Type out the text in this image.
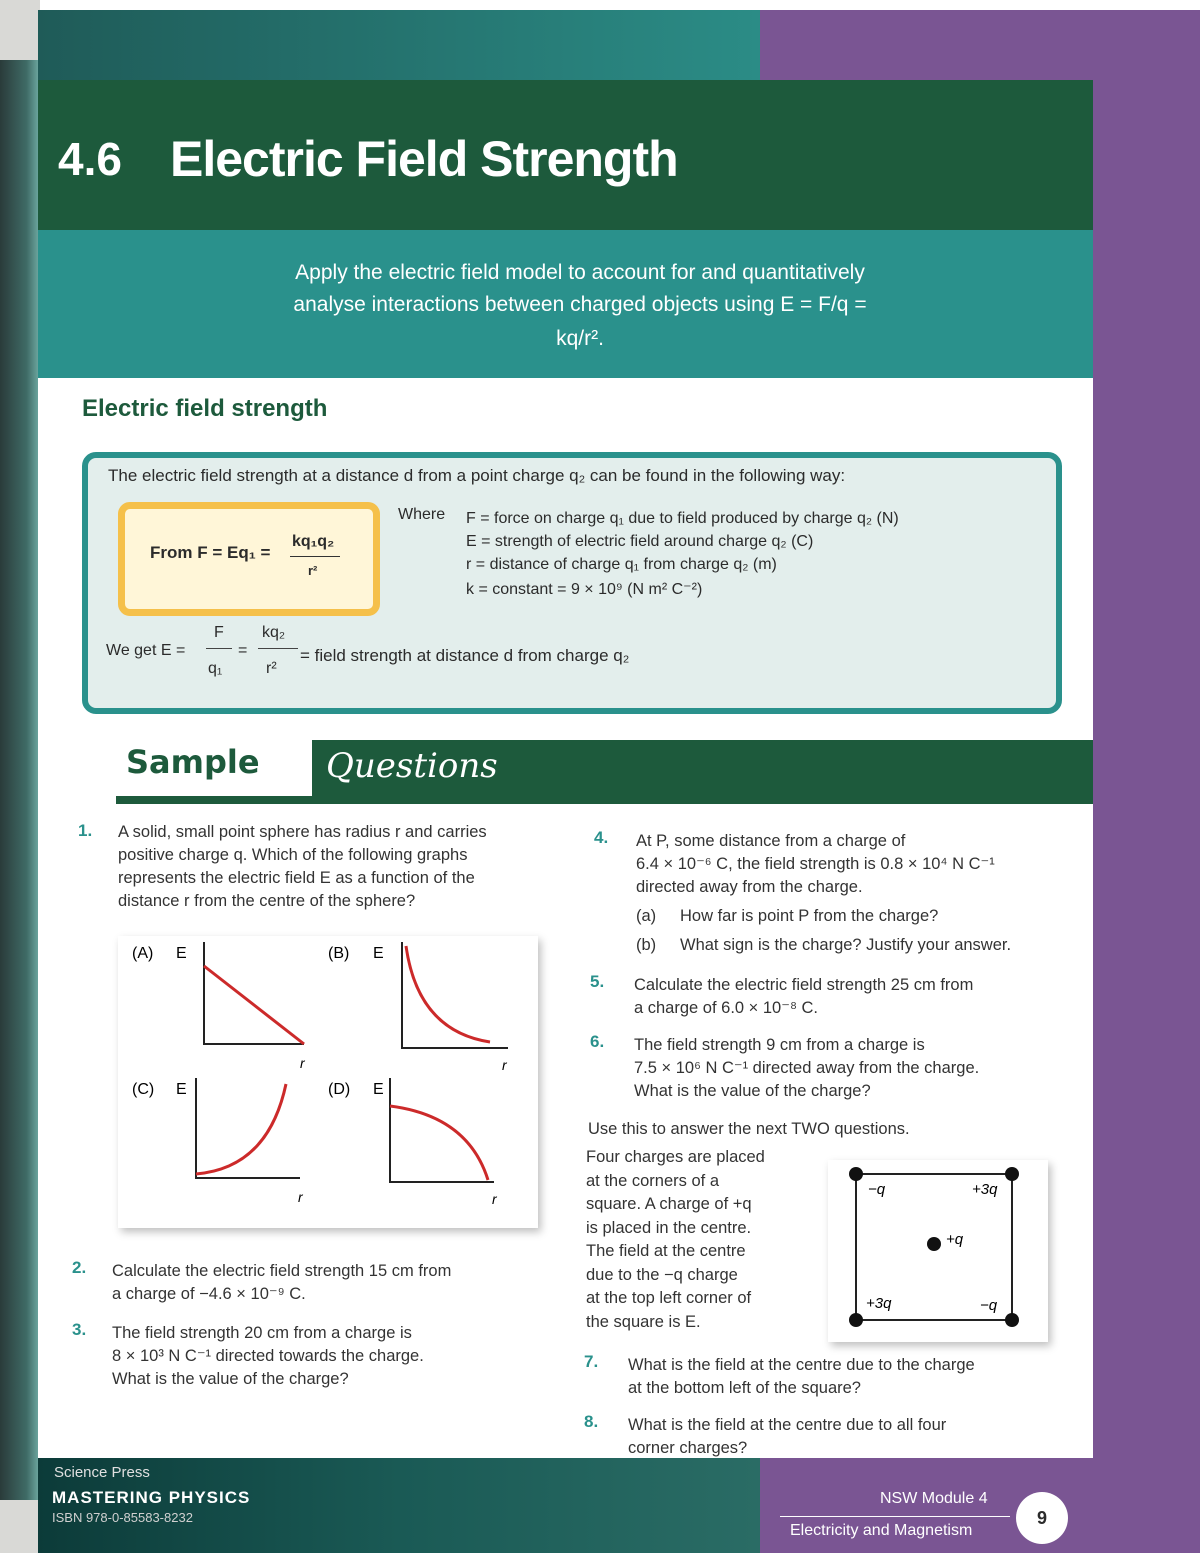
4.6 Electric Field Strength
Apply the electric field model to account for and quantitatively
analyse interactions between charged objects using E = F/q = kq/r².
Electric field strength
The electric field strength at a distance d from a point charge q₂ can be found in the following way:
From F = Eq₁ =
kq₁q₂
r²
Where F = force on charge q₁ due to field produced by charge q₂ (N)
E = strength of electric field around charge q₂ (C)
r = distance of charge q₁ from charge q₂ (m)
k = constant = 9 × 10⁹ (N m² C⁻²)
We get E =
F
q₁
=
kq₂
r²
= field strength at distance d from charge q₂
Sample Questions
1. A solid, small point sphere has radius r and carries
positive charge q. Which of the following graphs
represents the electric field E as a function of the
distance r from the centre of the sphere?
(A) E
r
(B) E
r
(C) E
r
(D) E
r
2. Calculate the electric field strength 15 cm from
a charge of −4.6 × 10⁻⁹ C.
3. The field strength 20 cm from a charge is
8 × 10³ N C⁻¹ directed towards the charge.
What is the value of the charge?
4. At P, some distance from a charge of
6.4 × 10⁻⁶ C, the field strength is 0.8 × 10⁴ N C⁻¹
directed away from the charge.
(a) How far is point P from the charge?
(b) What sign is the charge? Justify your answer.
5. Calculate the electric field strength 25 cm from
a charge of 6.0 × 10⁻⁸ C.
6. The field strength 9 cm from a charge is
7.5 × 10⁶ N C⁻¹ directed away from the charge.
What is the value of the charge?
Use this to answer the next TWO questions.
Four charges are placed
at the corners of a
square. A charge of +q
is placed in the centre.
The field at the centre
due to the −q charge
at the top left corner of
the square is E.
−q	+3q
+3q	−q
+q
7. What is the field at the centre due to the charge
at the bottom left of the square?
8. What is the field at the centre due to all four
corner charges?
Science Press
MASTERING PHYSICS
ISBN 978-0-85583-8232
NSW Module 4
Electricity and Magnetism
9
